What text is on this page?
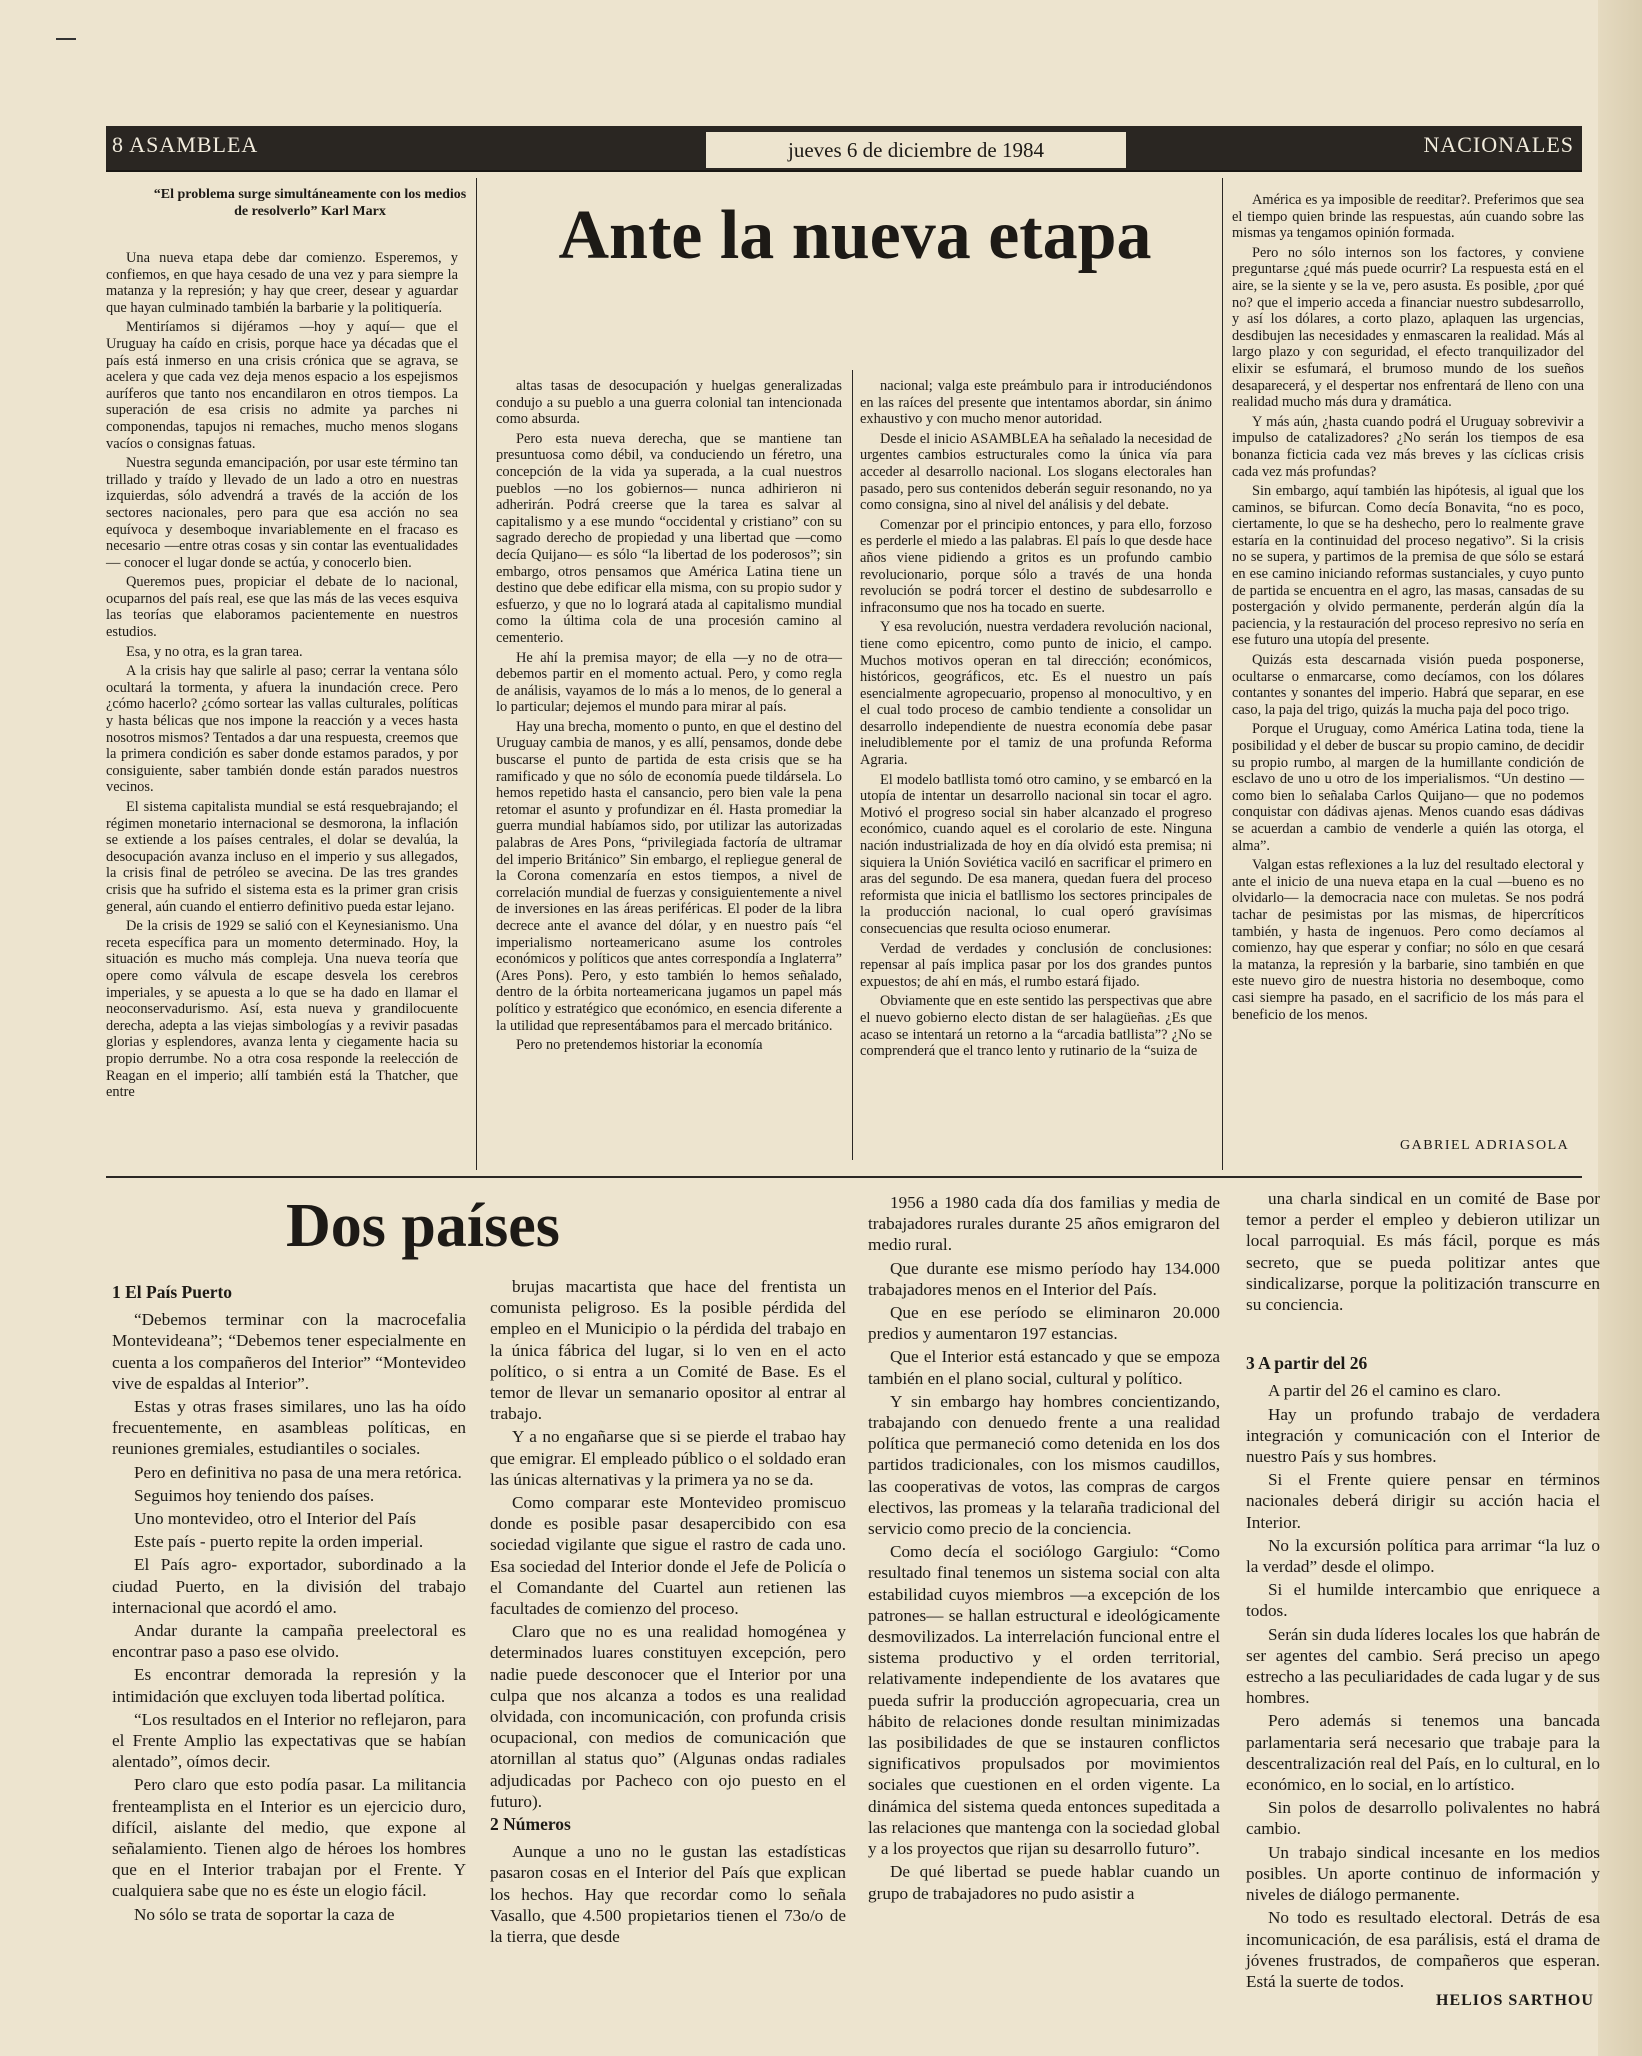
8 ASAMBLEA	jueves 6 de diciembre de 1984	NACIONALES
“El problema surge simultáneamente con los medios de resolverlo” Karl Marx	Ante la nueva etapa

Una nueva etapa debe dar comienzo. Esperemos, y confiemos, en que haya cesado de una vez y para siempre la matanza y la represión; y hay que creer, desear y aguardar que hayan culminado también la barbarie y la politiquería.

Mentiríamos si dijéramos —hoy y aquí— que el Uruguay ha caído en crisis, porque hace ya décadas que el país está inmerso en una crisis crónica que se agrava, se acelera y que cada vez deja menos espacio a los espejismos auríferos que tanto nos encandilaron en otros tiempos. La superación de esa crisis no admite ya parches ni componendas, tapujos ni remaches, mucho menos slogans vacíos o consignas fatuas.

Nuestra segunda emancipación, por usar este término tan trillado y traído y llevado de un lado a otro en nuestras izquierdas, sólo advendrá a través de la acción de los sectores nacionales, pero para que esa acción no sea equívoca y desemboque invariablemente en el fracaso es necesario —entre otras cosas y sin contar las eventualidades— conocer el lugar donde se actúa, y conocerlo bien.

Queremos pues, propiciar el debate de lo nacional, ocuparnos del país real, ese que las más de las veces esquiva las teorías que elaboramos pacientemente en nuestros estudios.

Esa, y no otra, es la gran tarea.

A la crisis hay que salirle al paso; cerrar la ventana sólo ocultará la tormenta, y afuera la inundación crece. Pero ¿cómo hacerlo? ¿cómo sortear las vallas culturales, políticas y hasta bélicas que nos impone la reacción y a veces hasta nosotros mismos? Tentados a dar una respuesta, creemos que la primera condición es saber donde estamos parados, y por consiguiente, saber también donde están parados nuestros vecinos.

El sistema capitalista mundial se está resquebrajando; el régimen monetario internacional se desmorona, la inflación se extiende a los países centrales, el dolar se devalúa, la desocupación avanza incluso en el imperio y sus allegados, la crisis final de petróleo se avecina. De las tres grandes crisis que ha sufrido el sistema esta es la primer gran crisis general, aún cuando el entierro definitivo pueda estar lejano.

De la crisis de 1929 se salió con el Keynesianismo. Una receta específica para un momento determinado. Hoy, la situación es mucho más compleja. Una nueva teoría que opere como válvula de escape desvela los cerebros imperiales, y se apuesta a lo que se ha dado en llamar el neoconservadurismo. Así, esta nueva y grandilocuente derecha, adepta a las viejas simbologías y a revivir pasadas glorias y esplendores, avanza lenta y ciegamente hacia su propio derrumbe. No a otra cosa responde la reelección de Reagan en el imperio; allí también está la Thatcher, que entre

altas tasas de desocupación y huelgas generalizadas condujo a su pueblo a una guerra colonial tan intencionada como absurda.

Pero esta nueva derecha, que se mantiene tan presuntuosa como débil, va conduciendo un féretro, una concepción de la vida ya superada, a la cual nuestros pueblos —no los gobiernos— nunca adhirieron ni adherirán. Podrá creerse que la tarea es salvar al capitalismo y a ese mundo “occidental y cristiano” con su sagrado derecho de propiedad y una libertad que —como decía Quijano— es sólo “la libertad de los poderosos”; sin embargo, otros pensamos que América Latina tiene un destino que debe edificar ella misma, con su propio sudor y esfuerzo, y que no lo logrará atada al capitalismo mundial como la última cola de una procesión camino al cementerio.

He ahí la premisa mayor; de ella —y no de otra— debemos partir en el momento actual. Pero, y como regla de análisis, vayamos de lo más a lo menos, de lo general a lo particular; dejemos el mundo para mirar al país.

Hay una brecha, momento o punto, en que el destino del Uruguay cambia de manos, y es allí, pensamos, donde debe buscarse el punto de partida de esta crisis que se ha ramificado y que no sólo de economía puede tildársela. Lo hemos repetido hasta el cansancio, pero bien vale la pena retomar el asunto y profundizar en él. Hasta promediar la guerra mundial habíamos sido, por utilizar las autorizadas palabras de Ares Pons, “privilegiada factoría de ultramar del imperio Británico” Sin embargo, el repliegue general de la Corona comenzaría en estos tiempos, a nivel de correlación mundial de fuerzas y consiguientemente a nivel de inversiones en las áreas periféricas. El poder de la libra decrece ante el avance del dólar, y en nuestro país “el imperialismo norteamericano asume los controles económicos y políticos que antes correspondía a Inglaterra” (Ares Pons). Pero, y esto también lo hemos señalado, dentro de la órbita norteamericana jugamos un papel más político y estratégico que económico, en esencia diferente a la utilidad que representábamos para el mercado británico.

Pero no pretendemos historiar la economía

nacional; valga este preámbulo para ir introduciéndonos en las raíces del presente que intentamos abordar, sin ánimo exhaustivo y con mucho menor autoridad.

Desde el inicio ASAMBLEA ha señalado la necesidad de urgentes cambios estructurales como la única vía para acceder al desarrollo nacional. Los slogans electorales han pasado, pero sus contenidos deberán seguir resonando, no ya como consigna, sino al nivel del análisis y del debate.

Comenzar por el principio entonces, y para ello, forzoso es perderle el miedo a las palabras. El país lo que desde hace años viene pidiendo a gritos es un profundo cambio revolucionario, porque sólo a través de una honda revolución se podrá torcer el destino de subdesarrollo e infraconsumo que nos ha tocado en suerte.

Y esa revolución, nuestra verdadera revolución nacional, tiene como epicentro, como punto de inicio, el campo. Muchos motivos operan en tal dirección; económicos, históricos, geográficos, etc. Es el nuestro un país esencialmente agropecuario, propenso al monocultivo, y en el cual todo proceso de cambio tendiente a consolidar un desarrollo independiente de nuestra economía debe pasar ineludiblemente por el tamiz de una profunda Reforma Agraria.

El modelo batllista tomó otro camino, y se embarcó en la utopía de intentar un desarrollo nacional sin tocar el agro. Motivó el progreso social sin haber alcanzado el progreso económico, cuando aquel es el corolario de este. Ninguna nación industrializada de hoy en día olvidó esta premisa; ni siquiera la Unión Soviética vaciló en sacrificar el primero en aras del segundo. De esa manera, quedan fuera del proceso reformista que inicia el batllismo los sectores principales de la producción nacional, lo cual operó gravísimas consecuencias que resulta ocioso enumerar.

Verdad de verdades y conclusión de conclusiones: repensar al país implica pasar por los dos grandes puntos expuestos; de ahí en más, el rumbo estará fijado.

Obviamente que en este sentido las perspectivas que abre el nuevo gobierno electo distan de ser halagüeñas. ¿Es que acaso se intentará un retorno a la “arcadia batllista”? ¿No se comprenderá que el tranco lento y rutinario de la “suiza de

América es ya imposible de reeditar?. Preferimos que sea el tiempo quien brinde las respuestas, aún cuando sobre las mismas ya tengamos opinión formada.

Pero no sólo internos son los factores, y conviene preguntarse ¿qué más puede ocurrir? La respuesta está en el aire, se la siente y se la ve, pero asusta. Es posible, ¿por qué no? que el imperio acceda a financiar nuestro subdesarrollo, y así los dólares, a corto plazo, aplaquen las urgencias, desdibujen las necesidades y enmascaren la realidad. Más al largo plazo y con seguridad, el efecto tranquilizador del elixir se esfumará, el brumoso mundo de los sueños desaparecerá, y el despertar nos enfrentará de lleno con una realidad mucho más dura y dramática.

Y más aún, ¿hasta cuando podrá el Uruguay sobrevivir a impulso de catalizadores? ¿No serán los tiempos de esa bonanza ficticia cada vez más breves y las cíclicas crisis cada vez más profundas?

Sin embargo, aquí también las hipótesis, al igual que los caminos, se bifurcan. Como decía Bonavita, “no es poco, ciertamente, lo que se ha deshecho, pero lo realmente grave estaría en la continuidad del proceso negativo”. Si la crisis no se supera, y partimos de la premisa de que sólo se estará en ese camino iniciando reformas sustanciales, y cuyo punto de partida se encuentra en el agro, las masas, cansadas de su postergación y olvido permanente, perderán algún día la paciencia, y la restauración del proceso represivo no sería en ese futuro una utopía del presente.

Quizás esta descarnada visión pueda posponerse, ocultarse o enmarcarse, como decíamos, con los dólares contantes y sonantes del imperio. Habrá que separar, en ese caso, la paja del trigo, quizás la mucha paja del poco trigo.

Porque el Uruguay, como América Latina toda, tiene la posibilidad y el deber de buscar su propio camino, de decidir su propio rumbo, al margen de la humillante condición de esclavo de uno u otro de los imperialismos. “Un destino —como bien lo señalaba Carlos Quijano— que no podemos conquistar con dádivas ajenas. Menos cuando esas dádivas se acuerdan a cambio de venderle a quién las otorga, el alma”.

Valgan estas reflexiones a la luz del resultado electoral y ante el inicio de una nueva etapa en la cual —bueno es no olvidarlo— la democracia nace con muletas. Se nos podrá tachar de pesimistas por las mismas, de hipercríticos también, y hasta de ingenuos. Pero como decíamos al comienzo, hay que esperar y confiar; no sólo en que cesará la matanza, la represión y la barbarie, sino también en que este nuevo giro de nuestra historia no desemboque, como casi siempre ha pasado, en el sacrificio de los más para el beneficio de los menos.

GABRIEL ADRIASOLA
Dos países
1 El País Puerto

“Debemos terminar con la macrocefalia Montevideana”; “Debemos tener especialmente en cuenta a los compañeros del Interior” “Montevideo vive de espaldas al Interior”.

Estas y otras frases similares, uno las ha oído frecuentemente, en asambleas políticas, en reuniones gremiales, estudiantiles o sociales.

Pero en definitiva no pasa de una mera retórica.

Seguimos hoy teniendo dos países.

Uno montevideo, otro el Interior del País

Este país - puerto repite la orden imperial.

El País agro- exportador, subordinado a la ciudad Puerto, en la división del trabajo internacional que acordó el amo.

Andar durante la campaña preelectoral es encontrar paso a paso ese olvido.

Es encontrar demorada la represión y la intimidación que excluyen toda libertad política.

“Los resultados en el Interior no reflejaron, para el Frente Amplio las expectativas que se habían alentado”, oímos decir.

Pero claro que esto podía pasar. La militancia frenteamplista en el Interior es un ejercicio duro, difícil, aislante del medio, que expone al señalamiento. Tienen algo de héroes los hombres que en el Interior trabajan por el Frente. Y cualquiera sabe que no es éste un elogio fácil.

No sólo se trata de soportar la caza de

brujas macartista que hace del frentista un comunista peligroso. Es la posible pérdida del empleo en el Municipio o la pérdida del trabajo en la única fábrica del lugar, si lo ven en el acto político, o si entra a un Comité de Base. Es el temor de llevar un semanario opositor al entrar al trabajo.

Y a no engañarse que si se pierde el trabao hay que emigrar. El empleado público o el soldado eran las únicas alternativas y la primera ya no se da.

Como comparar este Montevideo promiscuo donde es posible pasar desapercibido con esa sociedad vigilante que sigue el rastro de cada uno. Esa sociedad del Interior donde el Jefe de Policía o el Comandante del Cuartel aun retienen las facultades de comienzo del proceso.

Claro que no es una realidad homogénea y determinados luares constituyen excepción, pero nadie puede desconocer que el Interior por una culpa que nos alcanza a todos es una realidad olvidada, con incomunicación, con profunda crisis ocupacional, con medios de comunicación que atornillan al status quo” (Algunas ondas radiales adjudicadas por Pacheco con ojo puesto en el futuro).

2 Números

Aunque a uno no le gustan las estadísticas pasaron cosas en el Interior del País que explican los hechos. Hay que recordar como lo señala Vasallo, que 4.500 propietarios tienen el 73o/o de la tierra, que desde

1956 a 1980 cada día dos familias y media de trabajadores rurales durante 25 años emigraron del medio rural.

Que durante ese mismo período hay 134.000 trabajadores menos en el Interior del País.

Que en ese período se eliminaron 20.000 predios y aumentaron 197 estancias.

Que el Interior está estancado y que se empoza también en el plano social, cultural y político.

Y sin embargo hay hombres concientizando, trabajando con denuedo frente a una realidad política que permaneció como detenida en los dos partidos tradicionales, con los mismos caudillos, las cooperativas de votos, las compras de cargos electivos, las promeas y la telaraña tradicional del servicio como precio de la conciencia.

Como decía el sociólogo Gargiulo: “Como resultado final tenemos un sistema social con alta estabilidad cuyos miembros —a excepción de los patrones— se hallan estructural e ideológicamente desmovilizados. La interrelación funcional entre el sistema productivo y el orden territorial, relativamente independiente de los avatares que pueda sufrir la producción agropecuaria, crea un hábito de relaciones donde resultan minimizadas las posibilidades de que se instauren conflictos significativos propulsados por movimientos sociales que cuestionen en el orden vigente. La dinámica del sistema queda entonces supeditada a las relaciones que mantenga con la sociedad global y a los proyectos que rijan su desarrollo futuro”.

De qué libertad se puede hablar cuando un grupo de trabajadores no pudo asistir a

una charla sindical en un comité de Base por temor a perder el empleo y debieron utilizar un local parroquial. Es más fácil, porque es más secreto, que se pueda politizar antes que sindicalizarse, porque la politización transcurre en su conciencia.

3 A partir del 26

A partir del 26 el camino es claro.

Hay un profundo trabajo de verdadera integración y comunicación con el Interior de nuestro País y sus hombres.

Si el Frente quiere pensar en términos nacionales deberá dirigir su acción hacia el Interior.

No la excursión política para arrimar “la luz o la verdad” desde el olimpo.

Si el humilde intercambio que enriquece a todos.

Serán sin duda líderes locales los que habrán de ser agentes del cambio. Será preciso un apego estrecho a las peculiaridades de cada lugar y de sus hombres.

Pero además si tenemos una bancada parlamentaria será necesario que trabaje para la descentralización real del País, en lo cultural, en lo económico, en lo social, en lo artístico.

Sin polos de desarrollo polivalentes no habrá cambio.

Un trabajo sindical incesante en los medios posibles. Un aporte continuo de información y niveles de diálogo permanente.

No todo es resultado electoral. Detrás de esa incomunicación, de esa parálisis, está el drama de jóvenes frustrados, de compañeros que esperan. Está la suerte de todos.

HELIOS SARTHOU
